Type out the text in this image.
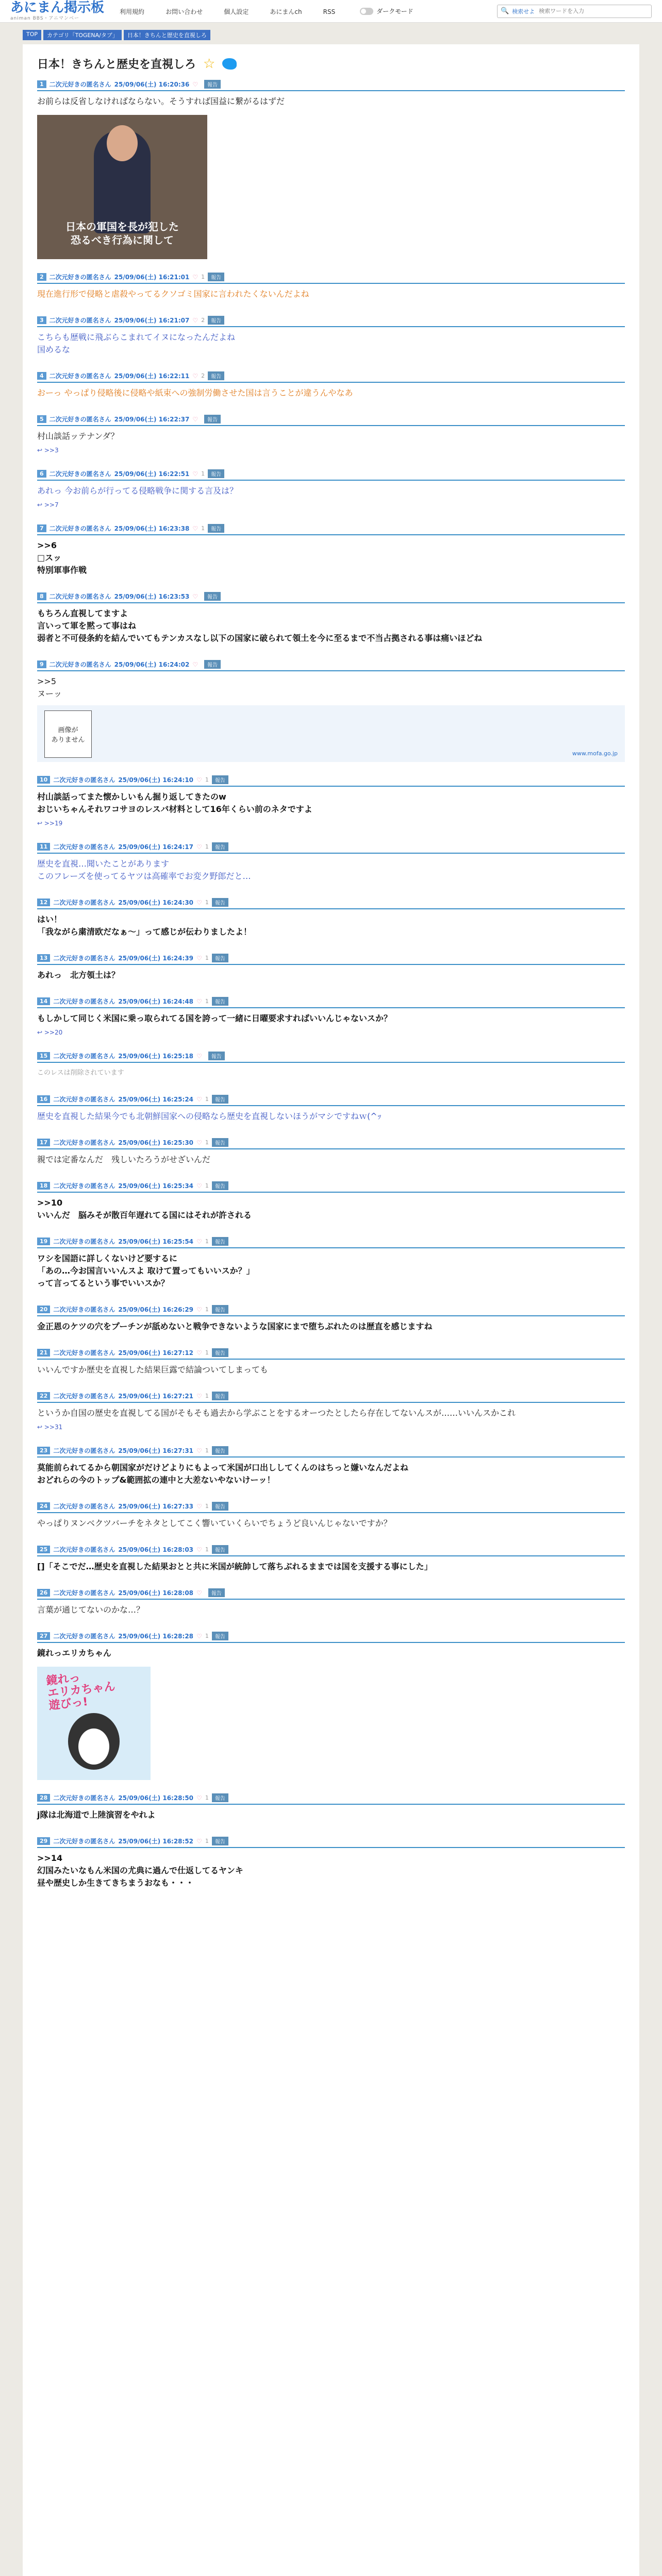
あにまん掲示板
animan BBS・アニマンベー
利用規約	お問い合わせ	個人設定	あにまんch	RSS	ダークモード	🔍 検索せよ
検索ワードを入力
TOP	カテゴリ「TOGENA/タブ」	日本！きちんと歴史を直視しろ
日本！きちんと歴史を直視しろ ☆
1 二次元好きの匿名さん 25/09/06(土) 16:20:36 ♡	報告
お前らは反省しなければならない。そうすれば国益に繋がるはずだ
日本の軍国を長が犯した
恐るべき行為に関して
2 二次元好きの匿名さん 25/09/06(土) 16:21:01 ♡ 1	報告
現在進行形で侵略と虐殺やってるクソゴミ国家に言われたくないんだよね
3 二次元好きの匿名さん 25/09/06(土) 16:21:07 ♡ 2	報告
こちらも歴戦に飛ぶらこまれてイヌになったんだよね
国めるな
4 二次元好きの匿名さん 25/09/06(土) 16:22:11 ♡ 2	報告
おーっ やっぱり侵略後に侵略や紙束への強制労働させた国は言うことが違うんやなあ
5 二次元好きの匿名さん 25/09/06(土) 16:22:37 ♡	報告
村山談話ッテナンダ？
↩ >>3
6 二次元好きの匿名さん 25/09/06(土) 16:22:51 ♡ 1	報告
あれっ 今お前らが行ってる侵略戦争に関する言及は？
↩ >>7
7 二次元好きの匿名さん 25/09/06(土) 16:23:38 ♡ 1	報告
>>6
□スッ
特別軍事作戦
8 二次元好きの匿名さん 25/09/06(土) 16:23:53 ♡	報告
もちろん直視してますよ
言いって軍を黙って事はね
弱者と不可侵条約を結んでいてもテンカスなし以下の国家に破られて領土を今に至るまで不当占拠される事は痛いほどね
9 二次元好きの匿名さん 25/09/06(土) 16:24:02 ♡	報告
>>5
ヌーッ
画像が
ありません
www.mofa.go.jp
10 二次元好きの匿名さん 25/09/06(土) 16:24:10 ♡ 1	報告
村山談話ってまた懐かしいもん掘り返してきたのw
おじいちゃんそれワコサヨのレスバ材料として16年くらい前のネタですよ
↩ >>19
11 二次元好きの匿名さん 25/09/06(土) 16:24:17 ♡ 1	報告
歴史を直視…聞いたことがあります
このフレーズを使ってるヤツは高確率でお変ク野郎だと…
12 二次元好きの匿名さん 25/09/06(土) 16:24:30 ♡ 1	報告
はい！
「我ながら粛清欧だなぁ～」って感じが伝わりましたよ！
13 二次元好きの匿名さん 25/09/06(土) 16:24:39 ♡ 1	報告
あれっ　北方領土は？
14 二次元好きの匿名さん 25/09/06(土) 16:24:48 ♡ 1	報告
もしかして同じく米国に乗っ取られてる国を誇って一緒に日曜要求すればいいんじゃないスか？
↩ >>20
15 二次元好きの匿名さん 25/09/06(土) 16:25:18 ♡	報告
このレスは削除されています
16 二次元好きの匿名さん 25/09/06(土) 16:25:24 ♡ 1	報告
歴史を直視した結果今でも北朝鮮国家への侵略なら歴史を直視しないほうがマシですねｗ(^ｯ
17 二次元好きの匿名さん 25/09/06(土) 16:25:30 ♡ 1	報告
親では定番なんだ　残しいたろうがせざいんだ
18 二次元好きの匿名さん 25/09/06(土) 16:25:34 ♡ 1	報告
>>10
いいんだ　脳みそが散百年遅れてる国にはそれが許される
19 二次元好きの匿名さん 25/09/06(土) 16:25:54 ♡ 1	報告
ワシを国語に詳しくないけど要するに
「あの…今お国言いいんスよ 取けて置ってもいいスか？」
って言ってるという事でいいスか？
20 二次元好きの匿名さん 25/09/06(土) 16:26:29 ♡ 1	報告
金正恩のケツの穴をプーチンが舐めないと戦争できないような国家にまで堕ちぶれたのは歴直を感じますね
21 二次元好きの匿名さん 25/09/06(土) 16:27:12 ♡ 1	報告
いいんですか歴史を直視した結果巨露で結論ついてしまっても
22 二次元好きの匿名さん 25/09/06(土) 16:27:21 ♡ 1	報告
というか自国の歴史を直視してる国がそもそも過去から学ぶことをするオーつたとしたら存在してないんスが……いいんスかこれ
↩ >>31
23 二次元好きの匿名さん 25/09/06(土) 16:27:31 ♡ 1	報告
莫能前られてるから朝国家がだけどよりにもよって米国が口出ししてくんのはちっと嫌いなんだよね
おどれらの今のトップ&範囲拡の連中と大差ないやないけーッ！
24 二次元好きの匿名さん 25/09/06(土) 16:27:33 ♡ 1	報告
やっぱりヌンベクツバーチをネタとしてこく響いていくらいでちょうど良いんじゃないですか？
25 二次元好きの匿名さん 25/09/06(土) 16:28:03 ♡ 1	報告
[]「そこでだ…歴史を直視した結果おとと共に米国が統帥して落ちぶれるままでは国を支援する事にした」
26 二次元好きの匿名さん 25/09/06(土) 16:28:08 ♡	報告
言葉が通じてないのかな…？
27 二次元好きの匿名さん 25/09/06(土) 16:28:28 ♡ 1	報告
鏡れっエリカちゃん
鏡れっ
エリカちゃん
遊びっ!
28 二次元好きの匿名さん 25/09/06(土) 16:28:50 ♡ 1	報告
j隊は北海道で上陸演習をやれよ
29 二次元好きの匿名さん 25/09/06(土) 16:28:52 ♡ 1	報告
>>14
幻国みたいなもん米国の尤典に過んで仕返してるヤンキ
昼や歴史しか生きてきちまうおなも・・・
